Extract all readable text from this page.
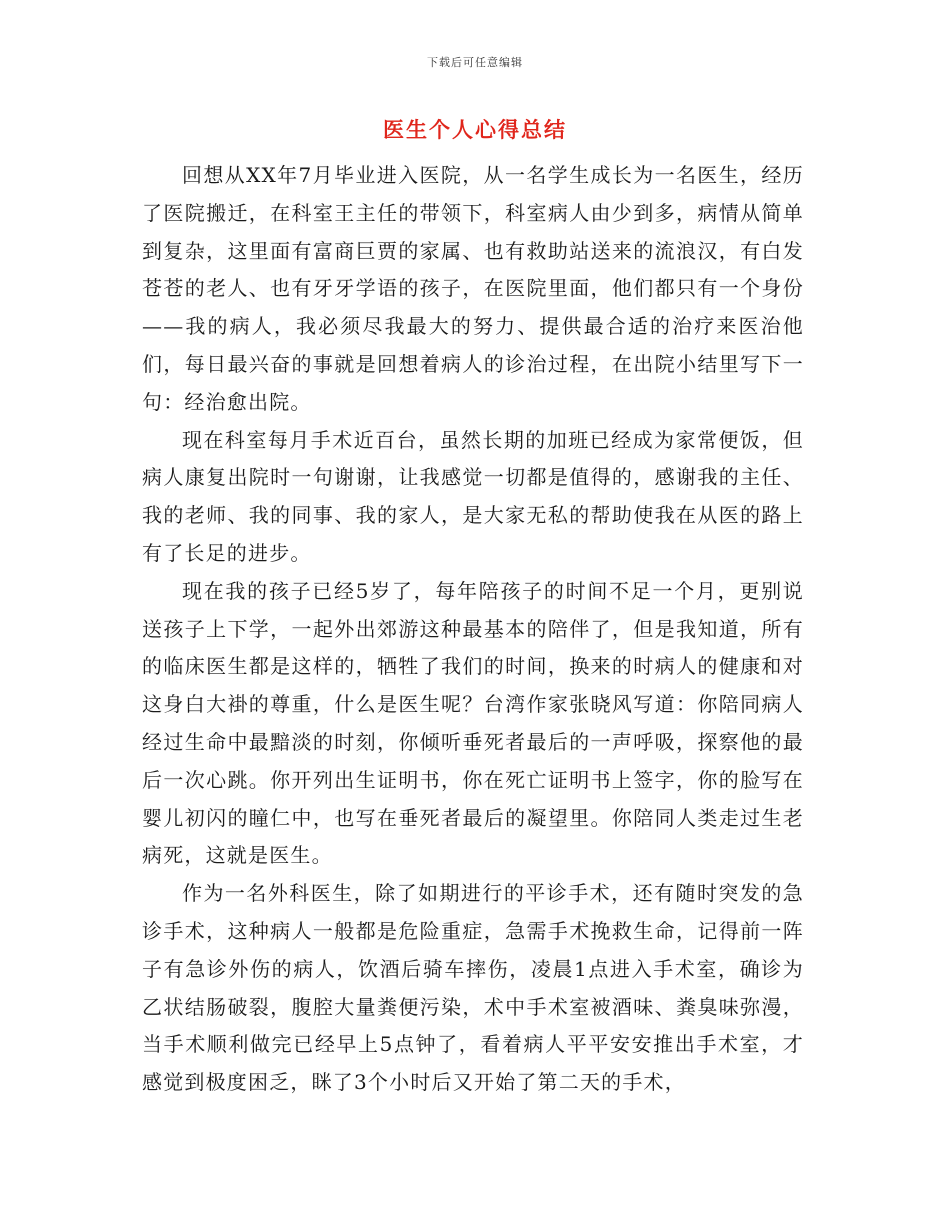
下载后可任意编辑
医生个人心得总结

回想从XX年7月毕业进入医院，从一名学生成长为一名医生，经历了医院搬迁，在科室王主任的带领下，科室病人由少到多，病情从简单到复杂，这里面有富商巨贾的家属、也有救助站送来的流浪汉，有白发苍苍的老人、也有牙牙学语的孩子，在医院里面，他们都只有一个身份——我的病人，我必须尽我最大的努力、提供最合适的治疗来医治他们，每日最兴奋的事就是回想着病人的诊治过程，在出院小结里写下一句：经治愈出院。

现在科室每月手术近百台，虽然长期的加班已经成为家常便饭，但病人康复出院时一句谢谢，让我感觉一切都是值得的，感谢我的主任、我的老师、我的同事、我的家人，是大家无私的帮助使我在从医的路上有了长足的进步。

现在我的孩子已经5岁了，每年陪孩子的时间不足一个月，更别说送孩子上下学，一起外出郊游这种最基本的陪伴了，但是我知道，所有的临床医生都是这样的，牺牲了我们的时间，换来的时病人的健康和对这身白大褂的尊重，什么是医生呢？台湾作家张晓风写道：你陪同病人经过生命中最黯淡的时刻，你倾听垂死者最后的一声呼吸，探察他的最后一次心跳。你开列出生证明书，你在死亡证明书上签字，你的脸写在婴儿初闪的瞳仁中，也写在垂死者最后的凝望里。你陪同人类走过生老病死，这就是医生。

作为一名外科医生，除了如期进行的平诊手术，还有随时突发的急诊手术，这种病人一般都是危险重症，急需手术挽救生命，记得前一阵子有急诊外伤的病人，饮酒后骑车摔伤，凌晨1点进入手术室，确诊为乙状结肠破裂，腹腔大量粪便污染，术中手术室被酒味、粪臭味弥漫，当手术顺利做完已经早上5点钟了，看着病人平平安安推出手术室，才感觉到极度困乏，眯了3个小时后又开始了第二天的手术，
